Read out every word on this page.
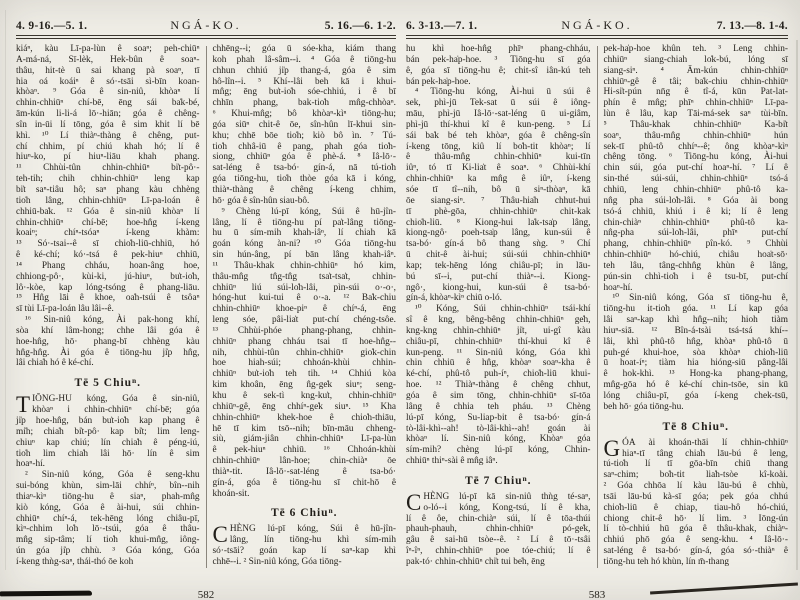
4. 9-16.—5. 1.	NGÁ-KO.	5. 16.—6. 1-2.
kiáⁿ, kàu Lī-pa-lùn ê soaⁿ; peh-chiūⁿ
A-má-ná, Sī-lèk, Hek-bûn ê soaⁿ-
thâu, hit-tè ū sai khang pà soaⁿ, tī
hia oá koáiⁿ ê só·-tsāi sì-bīn koan-
khòaⁿ. ⁹ Góa ê sin-niû, khòaⁿ lí
chhin-chhiūⁿ chí-bē, ēng sái ba̍k-bé,
ām-kún li-li-á lō·-hiān; góa ê chêng-
sîn in-ūi lí tōng, góa ê sim khit lí bē
khì. ¹⁰ Lí thiàⁿ-thàng ê chêng, put-
chí chhim, pí chiú khah hó; lí ê
hiuⁿ-ko, pí hiuⁿ-liāu khah phang.
¹¹ Chhùi-tûn chhin-chhiūⁿ bi̍t-pô·-
teh-tih; chih chhin-chhiūⁿ leng kap
bi̍t saⁿ-tiâu hô; saⁿ phang kàu chhèng
tio̍h lâng, chhin-chhiūⁿ Lī-pa-loán ê
chhiū-ba̍k. ¹² Góa ê sin-niû khòaⁿ lí
chhin-chhiūⁿ chí-bē; hoe-hn̂g í-keng
koaiⁿ; chíⁿ-tsóaⁿ í-keng khàm:
¹³ Só·-tsai--ê sī chio̍h-liū-chhiū, hó
ê ké-chí; kó·-tsá ê pek-hiuⁿ chhiū,
¹⁴ Phang chháu, hoan-âng hoe,
chhiong-pô·, kùi-ki, jú-hiuⁿ, bu̍t-io̍h,
lô·-kòe, kap lóng-tsóng ê phang-liāu.
¹⁵ Hn̂g lāi ê khoe, oa̍h-tsúi ê tsôaⁿ
sī tùi Lī-pa-loán lâu lâi--ê.
¹⁶ Sin-niû kóng, Ài pak-hong khí,
sòa khí lâm-hong; chhe lâi góa ê
hoe-hn̂g, hō· phang-bī chhèng kàu
hn̂g-hn̂g. Ài góa ê tiōng-hu ji̍p hn̂g,
lâi chia̍h hó ê ké-chí.
Tē 5 Chiuⁿ.
T IŌNG-HU kóng, Góa ê sin-niû,
khòaⁿ i chhin-chhiūⁿ chí-bē; góa
ji̍p hoe-hn̂g, bán bu̍t-io̍h kap phang ê
mi̍h; chia̍h bi̍t-pô· kap bi̍t; lim leng-
chiuⁿ kap chiú; lín chia̍h ê péng-iú,
tio̍h lim chia̍h lâi hō· lín ê sim
hoaⁿ-hí.
² Sin-niû kóng, Góa ê seng-khu
sui-bóng khùn, sim-lāi chhíⁿ, bîn--nih
thiaⁿ-kìⁿ tiōng-hu ê siaⁿ, phah-mn̂g
kiò kóng, Góa ê ài-hui, súi chhin-
chhiūⁿ chíⁿ-á, tek-hēng lóng chiâu-pī,
kìⁿ-chhim lo̍h lō·-tsúi, góa ê thâu-
mn̂g sip-tâm; lí tio̍h khui-mn̂g, iông-
ún góa ji̍p chhù. ³ Góa kóng, Góa
í-keng thǹg-saⁿ, thái-thó ōe koh
chhēng--i; góa ū sóe-kha, kiám thang
koh phah lâ-sâm--i. ⁴ Góa ê tiōng-hu
chhun chhiú ji̍p thang-á, góa ê sim
hô-lîn--i. ⁵ Khí--lâi beh kā i khui-
mn̂g; ēng bu̍t-io̍h sóe-chhiú, i ê bī
chhīn phang, bak-tio̍h mn̂g-chhòaⁿ.
⁶ Khui-mn̂g; bô khòaⁿ-kìⁿ tiōng-hu;
góa siūⁿ chit-ê ōe, sîn-hûn lī-khui sin-
khu; chhē bōe tio̍h; kiò bô ìn. ⁷ Tú-
tio̍h chhâ-iū ê pang, phah góa tio̍h-
siong, chhiūⁿ góa ê phè-á. ⁸ Iâ-lō·-
sat-léng ê tsa-bó· gín-á, nā tú-tio̍h
góa tiōng-hu, tio̍h thòe góa kā i kóng,
thiàⁿ-thàng ê chêng í-keng chhim,
hō· góa ê sîn-hûn siau-bô.
⁹ Chèng lú-pī kóng, Súi ê hū-jîn-
lâng, lí ê tiōng-hu pí pa̍t-lâng tiōng-
hu ū sím-mih khah-iâⁿ, lí chiah kā
goán kóng àn-ni? ¹⁰ Góa tiōng-hu
sin hún-âng, pí bān lâng khah-iâⁿ.
¹¹ Thâu-khak chhin-chhiūⁿ hó kim,
thâu-mn̂g tn̂g-tn̂g tsa̍t-tsa̍t, chhin-
chhiūⁿ liú súi-lo̍h-lâi, pìn-súi o·-o·,
hóng-hut kui-tui ê o·-a. ¹² Ba̍k-chiu
chhin-chhiūⁿ khoe-piⁿ ê chíⁿ-á, ēng
leng sóe, pâi-lia̍t put-chí chéng-tsôe.
¹³ Chhùi-phóe phang-phang, chhin-
chhiūⁿ phang chháu tsai tī hoe-hn̂g--
nih, chhùi-tûn chhin-chhiūⁿ gio̍k-chin
hoe hiah-súi; chhoán-khùi chhin-
chhiūⁿ bu̍t-io̍h teh tih. ¹⁴ Chhiú kòa
kim khoân, ēng n̂g-ge̍k siuⁿ; seng-
khu ê sek-tì kng-ku̍t, chhin-chhiūⁿ
chhiūⁿ-gê, ēng chhíⁿ-ge̍k siuⁿ. ¹⁵ Kha
chhin-chhiūⁿ khek-hoe ê chio̍h-thiāu,
hē tī kim tsō--nih; bīn-māu chheng-
siù, giám-jiân chhin-chhiūⁿ Lī-pa-lùn
ê pek-hiuⁿ chhiū. ¹⁶ Chhoán-khùi
chhin-chhiūⁿ lân-hoe; chin-chiàⁿ ōe
thiàⁿ-tit. Iâ-lō·-sat-léng ê tsa-bó·
gín-á, góa ê tiōng-hu sī chit-hō ê
khoán-sit.
Tē 6 Chiuⁿ.
C HÈNG lú-pī kóng, Súi ê hū-jîn-
lâng, lín tiōng-hu khì sím-mih
só·-tsāi? goán kap lí saⁿ-kap khì
chhē--i. ² Sin-niû kóng, Góa tiōng-
582
6. 3-13.—7. 1.	NGÁ-KO.	7. 13.—8. 1-4.
hu khì hoe-hn̂g phīⁿ phang-chháu,
bán pek-ha̍p-hoe. ³ Tiōng-hu sī góa
ê, góa sī tiōng-hu ê; chit-sî iân-kú teh
bán pek-ha̍p-hoe.
⁴ Tiōng-hu kóng, Ài-hui ū súi ê
sek, phì-jū Tek-sat ū súi ê iông-
māu, phì-jū Iâ-lō·-sat-léng ū ui-giâm,
phì-jū thí-khui kî ê kun-peng. ⁵ Lí
sái ba̍k bé teh khòaⁿ, góa ê chêng-sîn
í-keng tōng, kiû lí bo̍h-tit khòaⁿ; lí
ê thâu-mn̂g chhin-chhiūⁿ kui-tīn
iûⁿ, tó tī Ki-lia̍t ê soaⁿ. ⁶ Chhùi-khí
chhin-chhiūⁿ ka mn̂g ê iûⁿ, í-keng
sóe tī tî--nih, bô ū siⁿ-thòaⁿ, kā
ōe siang-siⁿ. ⁷ Thâu-hia̍h chhut-hui
tī phè-gōa, chhin-chhiūⁿ chit-kak
chio̍h-liū. ⁸ Kiong-hui la̍k-tsa̍p lâng,
kiong-ngô· poeh-tsa̍p lâng, kun-súi ê
tsa-bó· gín-á bô thang sǹg. ⁹ Chí
ū chit-ê ài-hui; súi-súi chhin-chhiūⁿ
kap; tek-hēng lóng chiâu-pī; in lāu-
bú sī--i, put-chí thiàⁿ--i. Kiong-
ngô·, kiong-hui, kun-súi ê tsa-bó·
gín-á, khòaⁿ-kìⁿ chiū o-ló.
¹⁰ Kóng, Súi chhin-chhiūⁿ tsái-khí
sî ê kng, bêng-bêng chhin-chhiūⁿ ge̍h,
kng-kng chhin-chhiūⁿ ji̍t, ui-gî kàu
chiâu-pī, chhin-chhiūⁿ thí-khui kî ê
kun-peng. ¹¹ Sin-niû kóng, Góa khì
chin chhiū ê hn̂g, khòaⁿ soaⁿ-kha ê
ké-chí, phû-tô puh-íⁿ, chio̍h-liū khui-
hoe. ¹² Thiàⁿ-thàng ê chêng chhut,
góa ê sim tōng, chhin-chhiūⁿ sī-tōa
lâng ê chhia teh pháu. ¹³ Chèng
lú-pī kóng, Su-liap-bit ê tsa-bó· gín-á
tò-lâi-khì--ah! tò-lâi-khì--ah! goán ài
khòaⁿ lí. Sin-niû kóng, Khòaⁿ góa
sím-mih? chèng lú-pī kóng, Chhin-
chhiūⁿ thiⁿ-sài ê mn̂g iâⁿ.
Tē 7 Chiuⁿ.
C HÈNG lú-pī kā sin-niû thǹg té-saⁿ,
o-ló--i kóng, Kong-tsú, lí ê kha,
lí ê ôe, chin-chiàⁿ súi, lí ê tōa-thúi
phauh-phauh, chhin-chhiūⁿ pó-ge̍k,
gâu ê sai-hū tsòe--ê. ² Lí ê tō·-tsâi
îⁿ-îⁿ, chhin-chhiūⁿ poe tóe-chiú; lí ê
pak-tó· chhin-chhiūⁿ chi̍t tui be̍h, ēng
pek-ha̍p-hoe khûn teh. ³ Leng chhin-
chhiūⁿ siang-chiah lo̍k-bú, lóng sī
siang-siⁿ. ⁴ Ām-kún chhin-chhiūⁿ
chhiūⁿ-gê ê tâi; ba̍k-chiu chhin-chhiūⁿ
Hi-si̍t-pún nn̄g ê tî-á, kūn Pat-lat-
phín ê mn̂g; phīⁿ chhin-chhiūⁿ Lī-pa-
lùn ê lâu, kap Tāi-má-sek saⁿ tùi-bīn.
⁵ Thâu-khak chhin-chhiūⁿ Ka-bi̍t
soaⁿ, thâu-mn̂g chhin-chhiūⁿ hún
sek-tī phû-tô chhíⁿ--ê; ông khòaⁿ-kìⁿ
chêng tōng. ⁶ Tiōng-hu kóng, Ài-hui
chin súi, góa put-chí hoaⁿ-hí. ⁷ Lí ê
sin-thé súi-súi, chhin-chhiūⁿ tsó-á
chhiū, leng chhin-chhiūⁿ phû-tô ka-
nn̂g pha súi-lo̍h-lâi. ⁸ Góa ài bong
tsó-á chhiū, khiú i ê ki; lí ê leng
chin-chiàⁿ chhin-chhiūⁿ phû-tô ka-
nn̂g-pha súi-lo̍h-lâi, phīⁿ put-chí
phang, chhin-chhiūⁿ pîn-kó. ⁹ Chhùi
chhin-chhiūⁿ hó-chiú, chiâu hoa̍t-sō·
teh lâu, tâng-chhn̂g khùn ê lâng,
pún-sin chhì-tio̍h i ê tsu-bī, put-chí
hoaⁿ-hí.
¹⁰ Sin-niû kóng, Góa sī tiōng-hu ê,
tiōng-hu it-tio̍h góa. ¹¹ Lí kap góa
lâi saⁿ-kap khì hn̂g--nih; hioh tiàm
hiuⁿ-siā. ¹² Bîn-á-tsài tsá-tsá khí--
lâi, khì phû-tô hn̂g, khòaⁿ phû-tô ū
puh-gé khui-hoe, sòa khòaⁿ chio̍h-liū
ū hoat-íⁿ; tiàm hia hióng-siū pâng-lâi
ê hok-khì. ¹³ Hong-ka phang-phang,
mn̂g-gōa hó ê ké-chí chin-tsōe, sin kū
lóng chiâu-pī, góa í-keng chek-tsū,
beh hō· góa tiōng-hu.
Tē 8 Chiuⁿ.
G ÓA ài khoán-thāi lí chhin-chhiūⁿ
hiaⁿ-tī tâng chia̍h lāu-bú ê leng,
tú-tio̍h lí tī gōa-bīn chiū thang
saⁿ-chim; bo̍h-tit lia̍h-tsòe kî-koài.
² Góa chhōa lí kàu lāu-bú ê chhù,
tsāi lāu-bú kà-sī góa; pek góa chhú
chio̍h-liū ê chiap, tiau-hô hó-chiú,
chiong chit-ê hō· lí lim. ³ Iōng-ún
lí tò-chhiú hū góa ê thâu-khak, chiàⁿ-
chhiú phō góa ê seng-khu. ⁴ Iâ-lō·-
sat-léng ê tsa-bó· gín-á, góa só·-thiàⁿ ê
tiōng-hu teh hó khùn, lín m̄-thang
583
